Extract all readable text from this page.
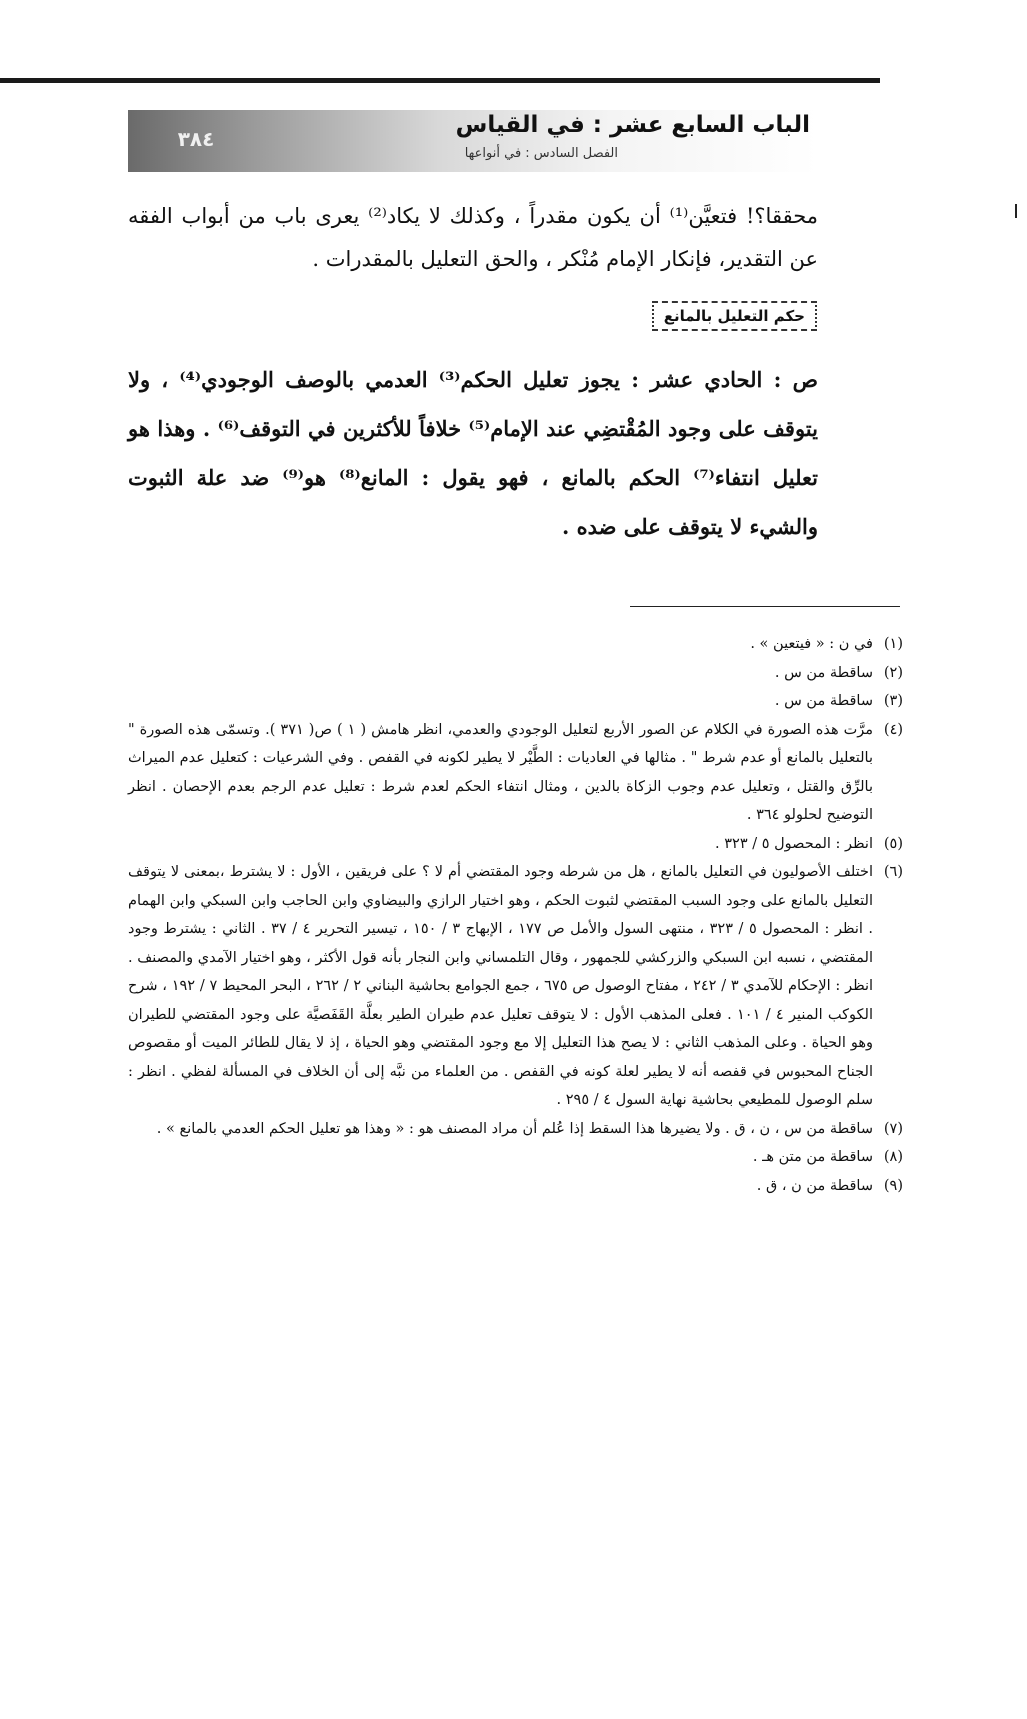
الباب السابع عشر : في القياس
الفصل السادس : في أنواعها
٣٨٤

محققا؟! فتعيَّن⁽¹⁾ أن يكون مقدراً ، وكذلك لا يكاد⁽²⁾ يعرى باب من أبواب الفقه عن التقدير، فإنكار الإمام مُنْكر ، والحق التعليل بالمقدرات .

حكم التعليل بالمانع

ص : الحادي عشر : يجوز تعليل الحكم⁽³⁾ العدمي بالوصف الوجودي⁽⁴⁾ ، ولا يتوقف على وجود المُقْتضِي عند الإمام⁽⁵⁾ خلافاً للأكثرين في التوقف⁽⁶⁾ . وهذا هو تعليل انتفاء⁽⁷⁾ الحكم بالمانع ، فهو يقول : المانع⁽⁸⁾ هو⁽⁹⁾ ضد علة الثبوت والشيء لا يتوقف على ضده .

(١)في ن : « فيتعين » .

(٢)ساقطة من س .

(٣)ساقطة من س .

(٤)مرَّت هذه الصورة في الكلام عن الصور الأربع لتعليل الوجودي والعدمي، انظر هامش ( ١ ) ص( ٣٧١ ). وتسمّى هذه الصورة " بالتعليل بالمانع أو عدم شرط " . مثالها في العاديات : الطَّيْر لا يطير لكونه في القفص . وفي الشرعيات : كتعليل عدم الميراث بالرِّق والقتل ، وتعليل عدم وجوب الزكاة بالدين ، ومثال انتفاء الحكم لعدم شرط : تعليل عدم الرجم بعدم الإحصان . انظر التوضيح لحلولو ٣٦٤ .

(٥)انظر : المحصول ٥ / ٣٢٣ .

(٦)اختلف الأصوليون في التعليل بالمانع ، هل من شرطه وجود المقتضي أم لا ؟ على فريقين ، الأول : لا يشترط ،بمعنى لا يتوقف التعليل بالمانع على وجود السبب المقتضي لثبوت الحكم ، وهو اختيار الرازي والبيضاوي وابن الحاجب وابن السبكي وابن الهمام . انظر : المحصول ٥ / ٣٢٣ ، منتهى السول والأمل ص ١٧٧ ، الإبهاج ٣ / ١٥٠ ، تيسير التحرير ٤ / ٣٧ . الثاني : يشترط وجود المقتضي ، نسبه ابن السبكي والزركشي للجمهور ، وقال التلمساني وابن النجار بأنه قول الأكثر ، وهو اختيار الآمدي والمصنف . انظر : الإحكام للآمدي ٣ / ٢٤٢ ، مفتاح الوصول ص ٦٧٥ ، جمع الجوامع بحاشية البناني ٢ / ٢٦٢ ، البحر المحيط ٧ / ١٩٢ ، شرح الكوكب المنير ٤ / ١٠١ . فعلى المذهب الأول : لا يتوقف تعليل عدم طيران الطير بعلَّة القَفَصيَّة على وجود المقتضي للطيران وهو الحياة . وعلى المذهب الثاني : لا يصح هذا التعليل إلا مع وجود المقتضي وهو الحياة ، إذ لا يقال للطائر الميت أو مقصوص الجناح المحبوس في قفصه أنه لا يطير لعلة كونه في القفص . من العلماء من نبَّه إلى أن الخلاف في المسألة لفظي . انظر : سلم الوصول للمطيعي بحاشية نهاية السول ٤ / ٢٩٥ .

(٧)ساقطة من س ، ن ، ق . ولا يضيرها هذا السقط إذا عُلم أن مراد المصنف هو : « وهذا هو تعليل الحكم العدمي بالمانع » .

(٨)ساقطة من متن هـ .

(٩)ساقطة من ن ، ق .
